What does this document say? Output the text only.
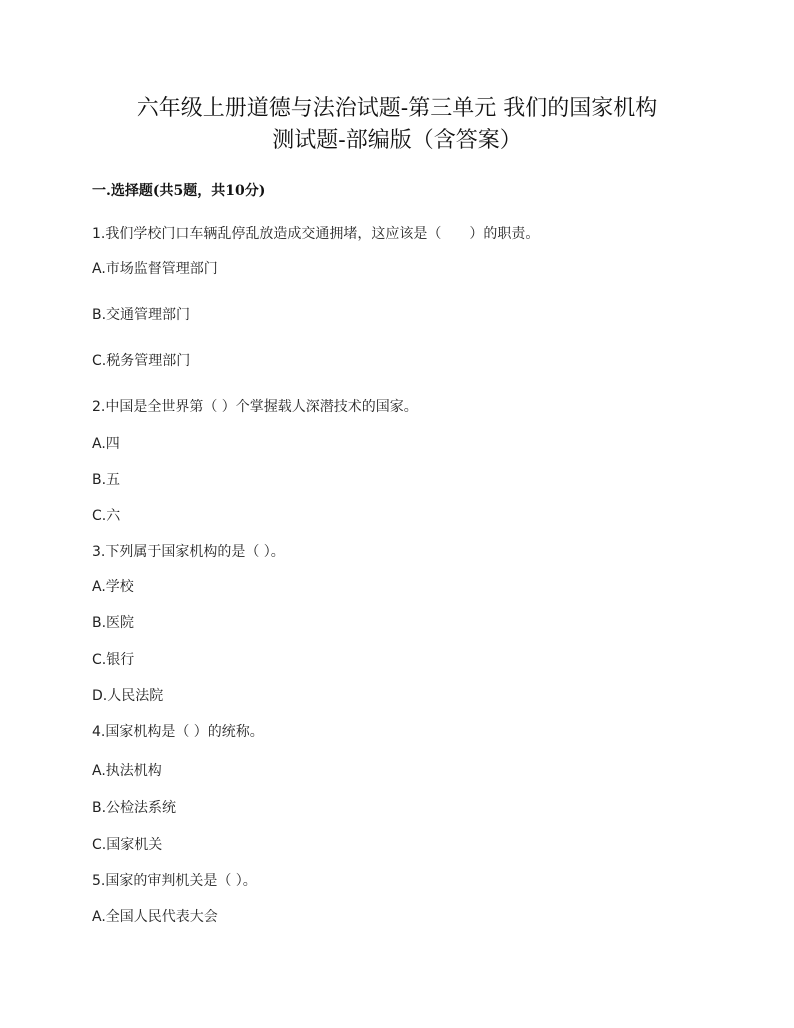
六年级上册道德与法治试题-第三单元 我们的国家机构
测试题-部编版（含答案）
一.选择题(共5题，共10分)
1.我们学校门口车辆乱停乱放造成交通拥堵，这应该是（　　）的职责。
A.市场监督管理部门
B.交通管理部门
C.税务管理部门
2.中国是全世界第（ ）个掌握载人深潜技术的国家。
A.四
B.五
C.六
3.下列属于国家机构的是（ ）。
A.学校
B.医院
C.银行
D.人民法院
4.国家机构是（ ）的统称。
A.执法机构
B.公检法系统
C.国家机关
5.国家的审判机关是（ ）。
A.全国人民代表大会
